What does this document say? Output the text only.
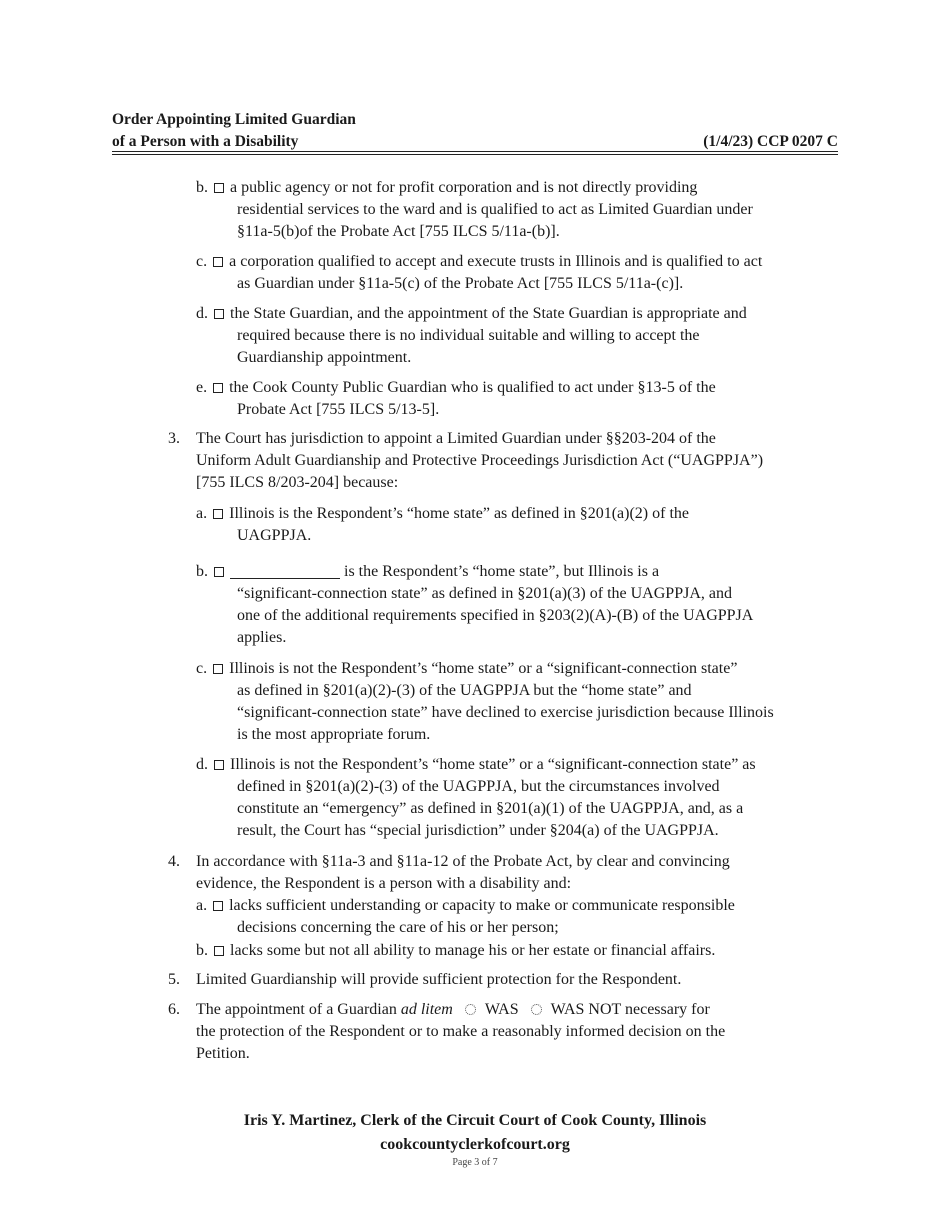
Order Appointing Limited Guardian
of a Person with a Disability	(1/4/23) CCP 0207 C
b. a public agency or not for profit corporation and is not directly providing
residential services to the ward and is qualified to act as Limited Guardian under
§11a-5(b)of the Probate Act [755 ILCS 5/11a-(b)].
c. a corporation qualified to accept and execute trusts in Illinois and is qualified to act
as Guardian under §11a-5(c) of the Probate Act [755 ILCS 5/11a-(c)].
d. the State Guardian, and the appointment of the State Guardian is appropriate and
required because there is no individual suitable and willing to accept the
Guardianship appointment.
e. the Cook County Public Guardian who is qualified to act under §13-5 of the
Probate Act [755 ILCS 5/13-5].
3. The Court has jurisdiction to appoint a Limited Guardian under §§203-204 of the
Uniform Adult Guardianship and Protective Proceedings Jurisdiction Act (“UAGPPJA”)
[755 ILCS 8/203-204] because:
a. Illinois is the Respondent’s “home state” as defined in §201(a)(2) of the
UAGPPJA.
b.	is the Respondent’s “home state”, but Illinois is a
“significant-connection state” as defined in §201(a)(3) of the UAGPPJA, and
one of the additional requirements specified in §203(2)(A)-(B) of the UAGPPJA
applies.
c. Illinois is not the Respondent’s “home state” or a “significant-connection state”
as defined in §201(a)(2)-(3) of the UAGPPJA but the “home state” and
“significant-connection state” have declined to exercise jurisdiction because Illinois
is the most appropriate forum.
d. Illinois is not the Respondent’s “home state” or a “significant-connection state” as
defined in §201(a)(2)-(3) of the UAGPPJA, but the circumstances involved
constitute an “emergency” as defined in §201(a)(1) of the UAGPPJA, and, as a
result, the Court has “special jurisdiction” under §204(a) of the UAGPPJA.
4. In accordance with §11a-3 and §11a-12 of the Probate Act, by clear and convincing
evidence, the Respondent is a person with a disability and:
a. lacks sufficient understanding or capacity to make or communicate responsible
decisions concerning the care of his or her person;
b. lacks some but not all ability to manage his or her estate or financial affairs.
5. Limited Guardianship will provide sufficient protection for the Respondent.
6. The appointment of a Guardian ad litem WAS WAS NOT necessary for
the protection of the Respondent or to make a reasonably informed decision on the
Petition.
Iris Y. Martinez, Clerk of the Circuit Court of Cook County, Illinois
cookcountyclerkofcourt.org
Page 3 of 7
